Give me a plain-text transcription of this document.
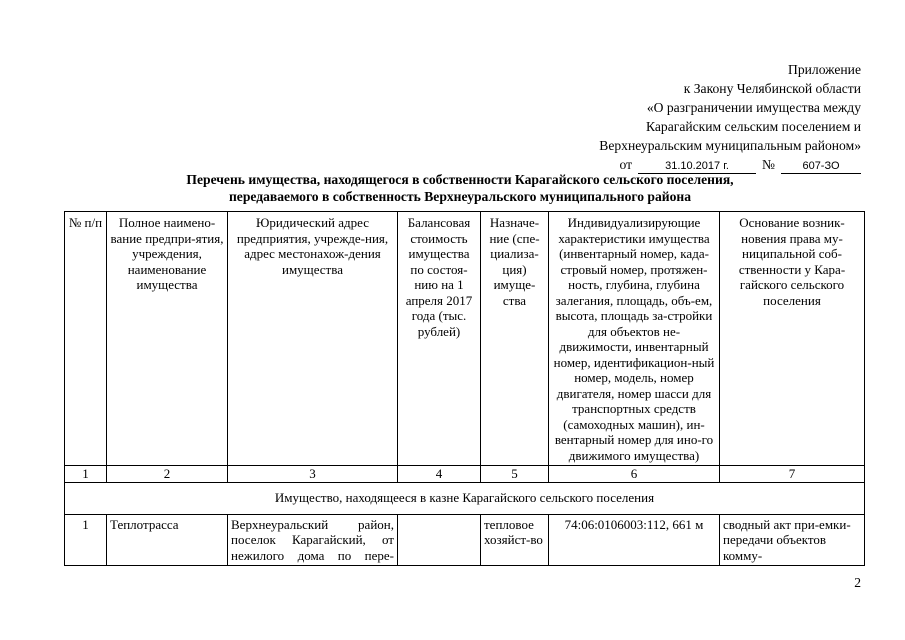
Приложение
к Закону Челябинской области
«О разграничении имущества между
Карагайским сельским поселением и
Верхнеуральским муниципальным районом»
от	31.10.2017 г.	№	607-ЗО
Перечень имущества, находящегося в собственности Карагайского сельского поселения,
передаваемого в собственность Верхнеуральского муниципального района
№ п/п	Полное наимено-вание предпри-ятия, учреждения, наименование имущества	Юридический адрес предприятия, учрежде-ния, адрес местонахож-дения имущества	Балансовая стоимость имущества по состоя-нию на 1 апреля 2017 года (тыс. рублей)	Назначе-ние (спе-циализа-ция) имуще-ства	Индивидуализирующие характеристики имущества (инвентарный номер, када-стровый номер, протяжен-ность, глубина, глубина залегания, площадь, объ-ем, высота, площадь за-стройки для объектов не-движимости, инвентарный номер, идентификацион-ный номер, модель, номер двигателя, номер шасси для транспортных средств (самоходных машин), ин-вентарный номер для ино-го движимого имущества)	Основание возник-новения права му-ниципальной соб-ственности у Кара-гайского сельского поселения
1	2	3	4	5	6	7
Имущество, находящееся в казне Карагайского сельского поселения						
1	Теплотрасса	Верхнеуральский район, поселок Карагайский, от нежилого дома по пере-		тепловое хозяйст-во	74:06:0106003:112, 661 м	сводный акт при-емки-передачи объектов комму-
2
